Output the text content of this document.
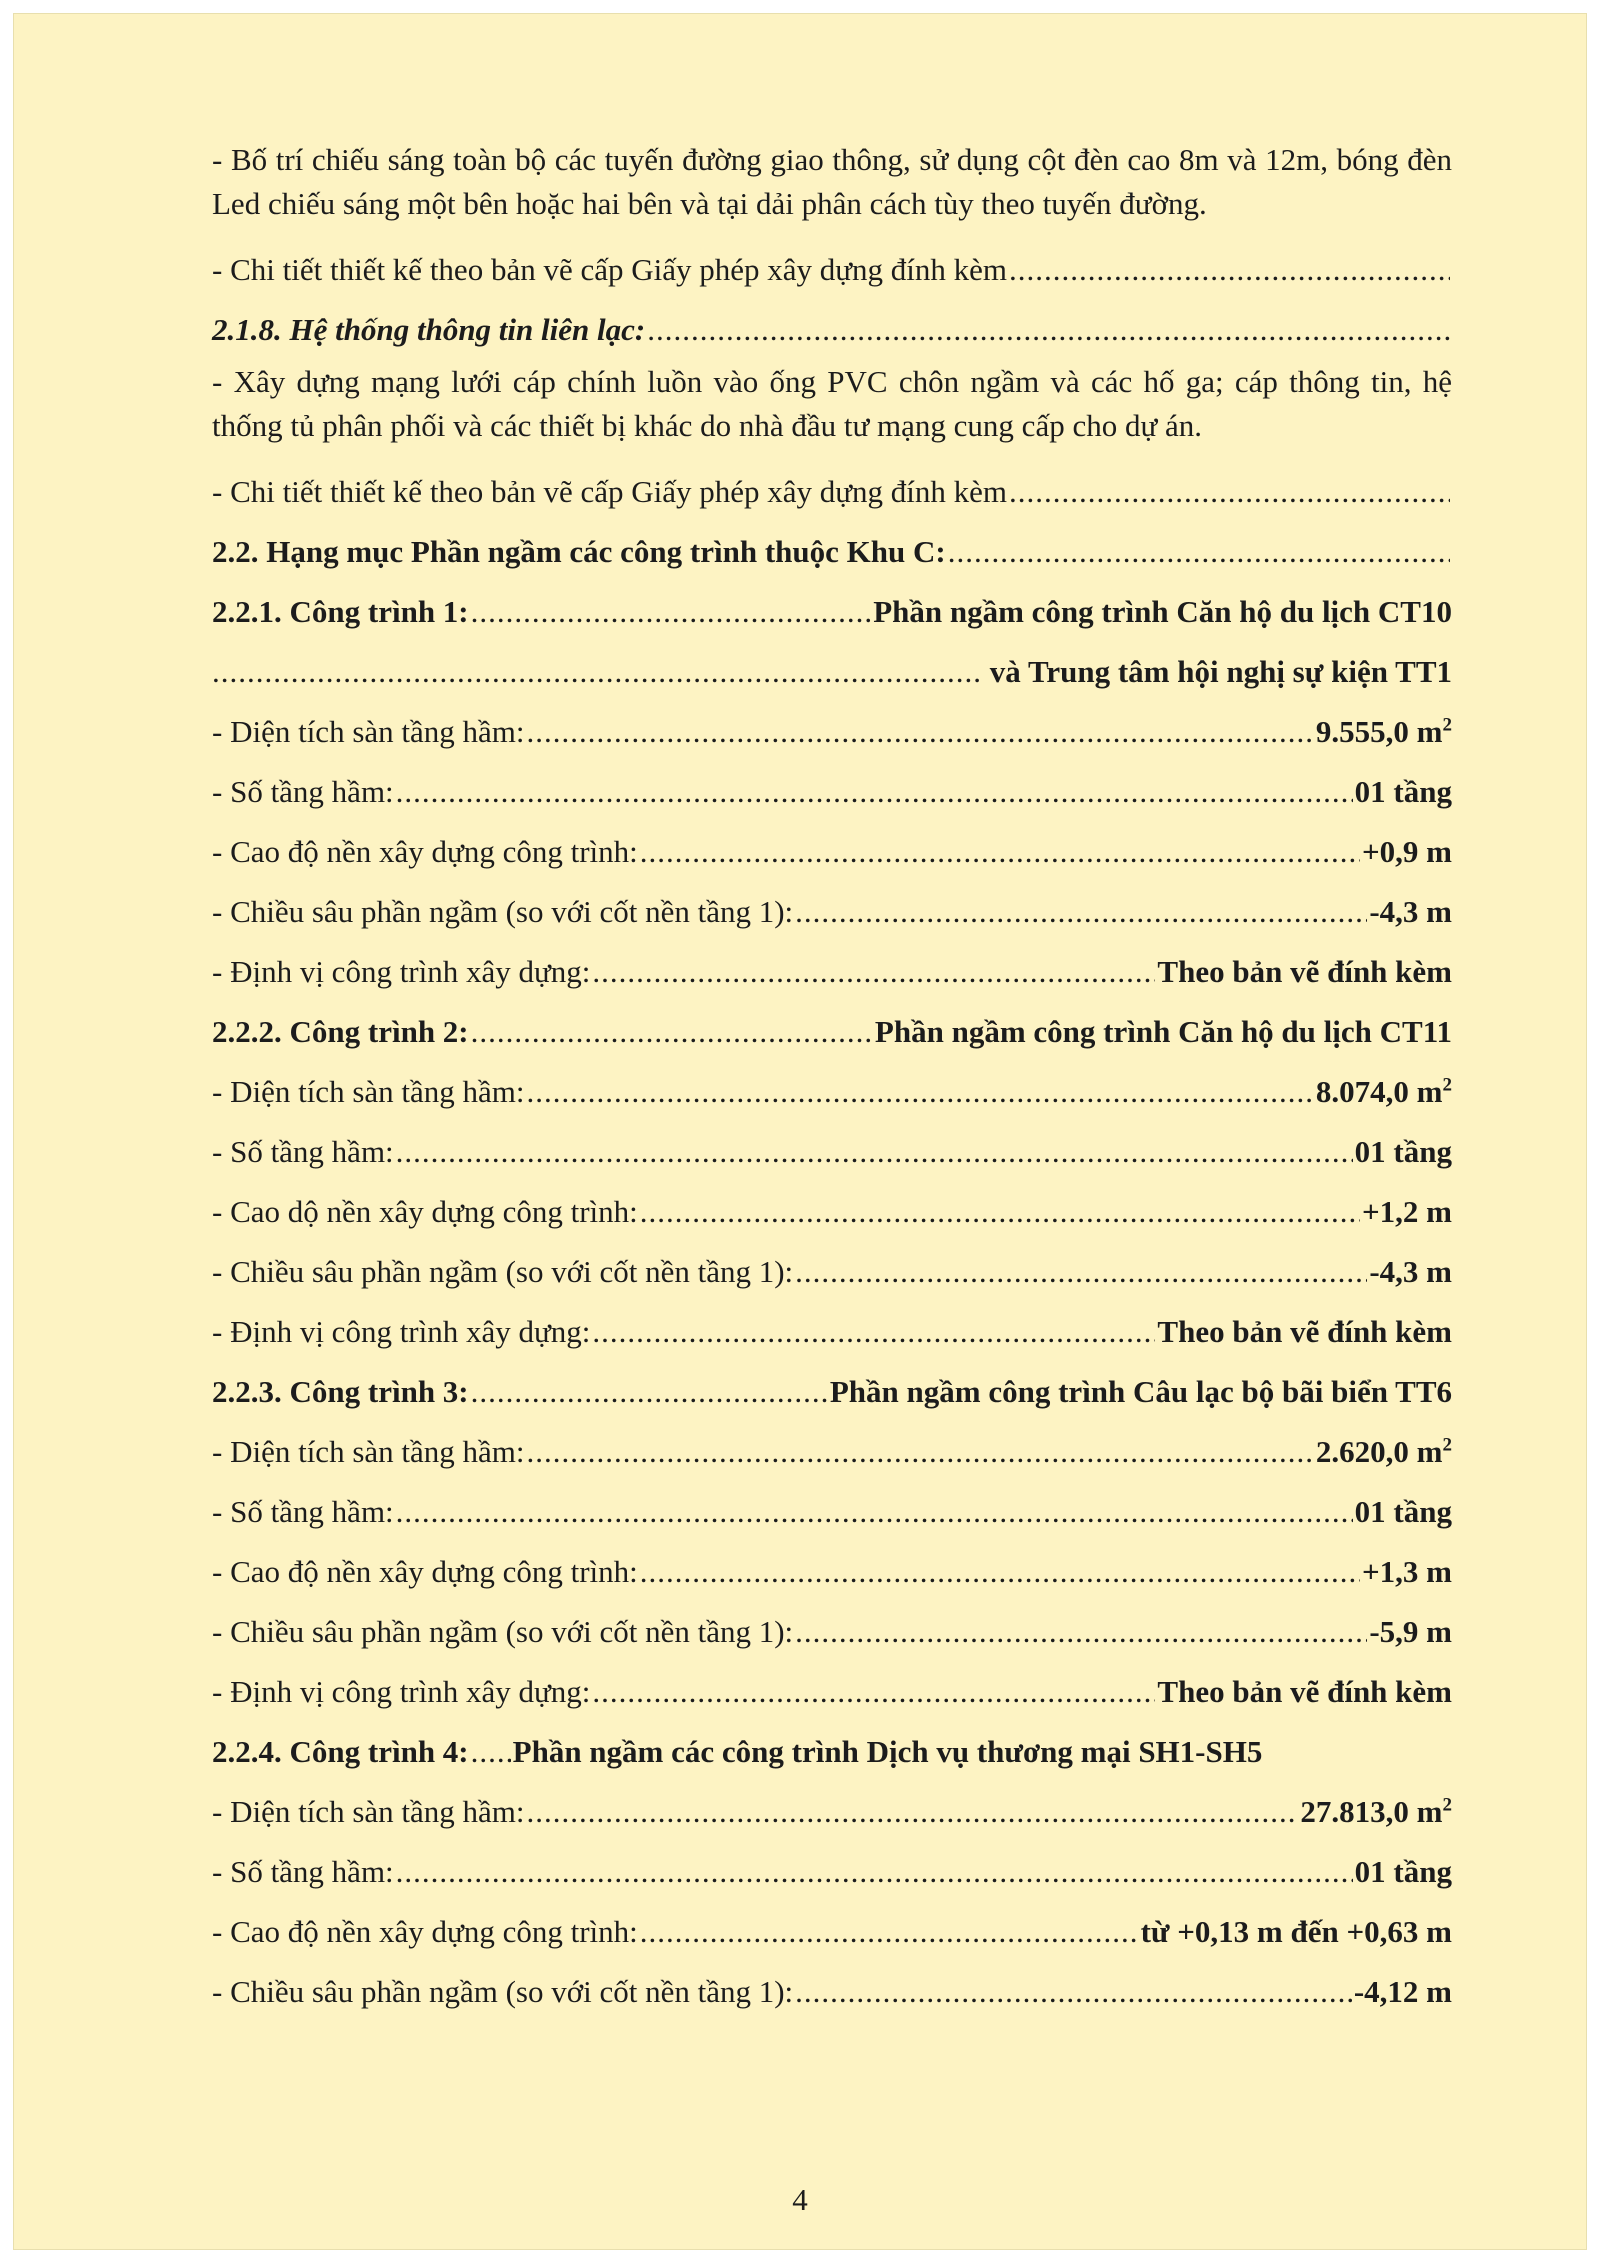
- Bố trí chiếu sáng toàn bộ các tuyến đường giao thông, sử dụng cột đèn cao 8m và 12m, bóng đèn Led chiếu sáng một bên hoặc hai bên và tại dải phân cách tùy theo tuyến đường.

- Chi tiết thiết kế theo bản vẽ cấp Giấy phép xây dựng đính kèm
.....
2.1.8. Hệ thống thông tin liên lạc:
.....

- Xây dựng mạng lưới cáp chính luồn vào ống PVC chôn ngầm và các hố ga; cáp thông tin, hệ thống tủ phân phối và các thiết bị khác do nhà đầu tư mạng cung cấp cho dự án.

- Chi tiết thiết kế theo bản vẽ cấp Giấy phép xây dựng đính kèm
.....
2.2. Hạng mục Phần ngầm các công trình thuộc Khu C:
.....
2.2.1. Công trình 1: .....	Phần ngầm công trình Căn hộ du lịch CT10
.....
và Trung tâm hội nghị sự kiện TT1
- Diện tích sàn tầng hầm: .....	9.555,0 $m^2$
- Số tầng hầm: .....	01 tầng
- Cao độ nền xây dựng công trình: .....	+0,9 m
- Chiều sâu phần ngầm (so với cốt nền tầng 1): .....	-4,3 m
- Định vị công trình xây dựng: .....	Theo bản vẽ đính kèm
2.2.2. Công trình 2: .....	Phần ngầm công trình Căn hộ du lịch CT11
- Diện tích sàn tầng hầm: .....	8.074,0 $m^2$
- Số tầng hầm: .....	01 tầng
- Cao dộ nền xây dựng công trình: .....	+1,2 m
- Chiều sâu phần ngầm (so với cốt nền tầng 1): .....	-4,3 m
- Định vị công trình xây dựng: .....	Theo bản vẽ đính kèm
2.2.3. Công trình 3: .....	Phần ngầm công trình Câu lạc bộ bãi biển TT6
- Diện tích sàn tầng hầm: .....	2.620,0 $m^2$
- Số tầng hầm: .....	01 tầng
- Cao độ nền xây dựng công trình: .....	+1,3 m
- Chiều sâu phần ngầm (so với cốt nền tầng 1): .....	-5,9 m
- Định vị công trình xây dựng: .....	Theo bản vẽ đính kèm
2.2.4. Công trình 4: ..... Phần ngầm các công trình Dịch vụ thương mại SH1-SH5
- Diện tích sàn tầng hầm: .....	27.813,0 $m^2$
- Số tầng hầm: .....	01 tầng
- Cao độ nền xây dựng công trình: .....	từ +0,13 m đến +0,63 m
- Chiều sâu phần ngầm (so với cốt nền tầng 1): .....	-4,12 m
4
